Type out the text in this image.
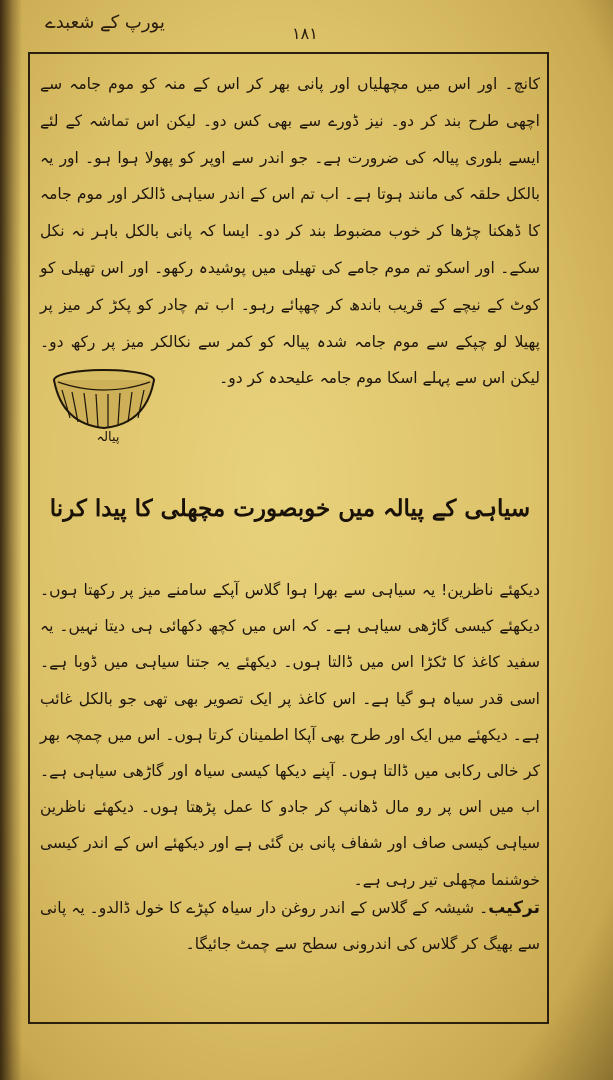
یورپ کے شعبدے
۱۸۱
کانچ۔ اور اس میں مچھلیاں اور پانی بھر کر اس کے منہ کو موم جامہ سے اچھی طرح بند کر دو۔ نیز ڈورے سے بھی کس دو۔ لیکن اس تماشہ کے لئے ایسے بلوری پیالہ کی ضرورت ہے۔ جو اندر سے اوپر کو پھولا ہوا ہو۔ اور یہ بالکل حلقہ کی مانند ہوتا ہے۔ اب تم اس کے اندر سیاہی ڈالکر اور موم جامہ کا ڈھکنا چڑھا کر خوب مضبوط بند کر دو۔ ایسا کہ پانی بالکل باہر نہ نکل سکے۔ اور اسکو تم موم جامے کی تھیلی میں پوشیدہ رکھو۔ اور اس تھیلی کو کوٹ کے نیچے کے قریب باندھ کر چھپائے رہو۔ اب تم چادر کو پکڑ کر میز پر پھیلا لو چپکے سے موم جامہ شدہ پیالہ کو کمر سے نکالکر میز پر رکھ دو۔ لیکن اس سے پہلے اسکا موم جامہ علیحدہ کر دو۔
پیالہ
سیاہی کے پیالہ میں خوبصورت مچھلی کا پیدا کرنا
دیکھئے ناظرین! یہ سیاہی سے بھرا ہوا گلاس آپکے سامنے میز پر رکھتا ہوں۔ دیکھئے کیسی گاڑھی سیاہی ہے۔ کہ اس میں کچھ دکھائی ہی دیتا نہیں۔ یہ سفید کاغذ کا ٹکڑا اس میں ڈالتا ہوں۔ دیکھئے یہ جتنا سیاہی میں ڈوبا ہے۔ اسی قدر سیاہ ہو گیا ہے۔ اس کاغذ پر ایک تصویر بھی تھی جو بالکل غائب ہے۔ دیکھئے میں ایک اور طرح بھی آپکا اطمینان کرتا ہوں۔ اس میں چمچہ بھر کر خالی رکابی میں ڈالتا ہوں۔ آپنے دیکھا کیسی سیاہ اور گاڑھی سیاہی ہے۔ اب میں اس پر رو مال ڈھانپ کر جادو کا عمل پڑھتا ہوں۔ دیکھئے ناظرین سیاہی کیسی صاف اور شفاف پانی بن گئی ہے اور دیکھئے اس کے اندر کیسی خوشنما مچھلی تیر رہی ہے۔
ترکیب۔ شیشہ کے گلاس کے اندر روغن دار سیاہ کپڑے کا خول ڈالدو۔ یہ پانی سے بھیگ کر گلاس کی اندرونی سطح سے چمٹ جائیگا۔
